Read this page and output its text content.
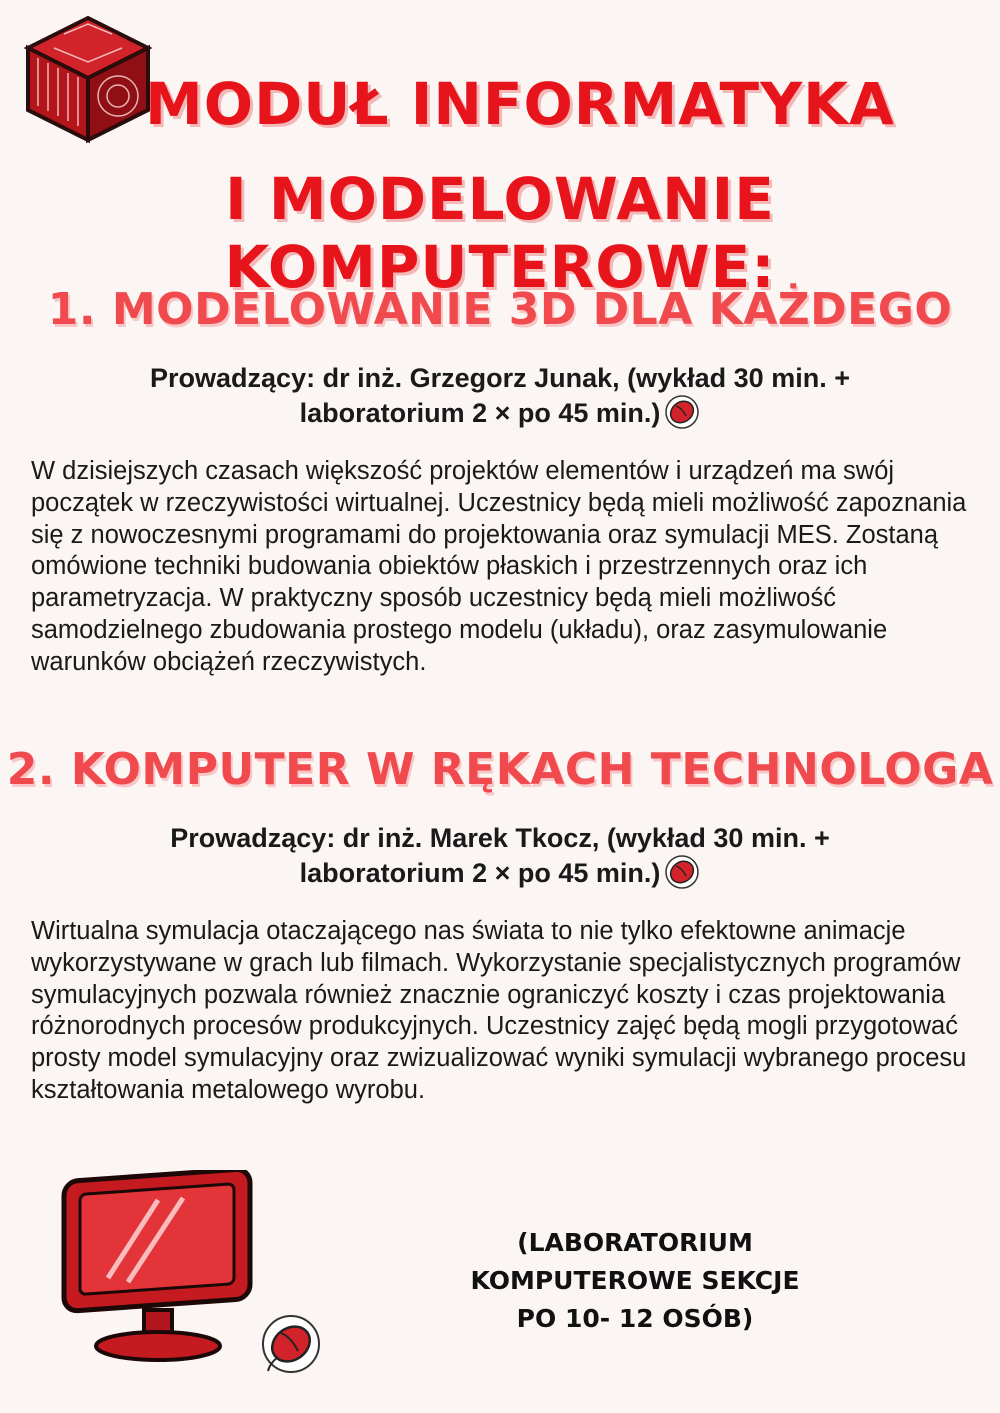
MODUŁ INFORMATYKA
I MODELOWANIE KOMPUTEROWE:
1. MODELOWANIE 3D DLA KAŻDEGO

Prowadzący: dr inż. Grzegorz Junak, (wykład 30 min. +
laboratorium 2 × po 45 min.)

W dzisiejszych czasach większość projektów elementów i urządzeń ma swój początek w rzeczywistości wirtualnej. Uczestnicy będą mieli możliwość zapoznania się z nowoczesnymi programami do projektowania oraz symulacji MES. Zostaną omówione techniki budowania obiektów płaskich i przestrzennych oraz ich parametryzacja. W praktyczny sposób uczestnicy będą mieli możliwość samodzielnego zbudowania prostego modelu (układu), oraz zasymulowanie warunków obciążeń rzeczywistych.

2. KOMPUTER W RĘKACH TECHNOLOGA

Prowadzący: dr inż. Marek Tkocz, (wykład 30 min. +
laboratorium 2 × po 45 min.)

Wirtualna symulacja otaczającego nas świata to nie tylko efektowne animacje wykorzystywane w grach lub filmach. Wykorzystanie specjalistycznych programów symulacyjnych pozwala również znacznie ograniczyć koszty i czas projektowania różnorodnych procesów produkcyjnych. Uczestnicy zajęć będą mogli przygotować prosty model symulacyjny oraz zwizualizować wyniki symulacji wybranego procesu kształtowania metalowego wyrobu.

(LABORATORIUM
KOMPUTEROWE SEKCJE
PO 10- 12 OSÓB)
